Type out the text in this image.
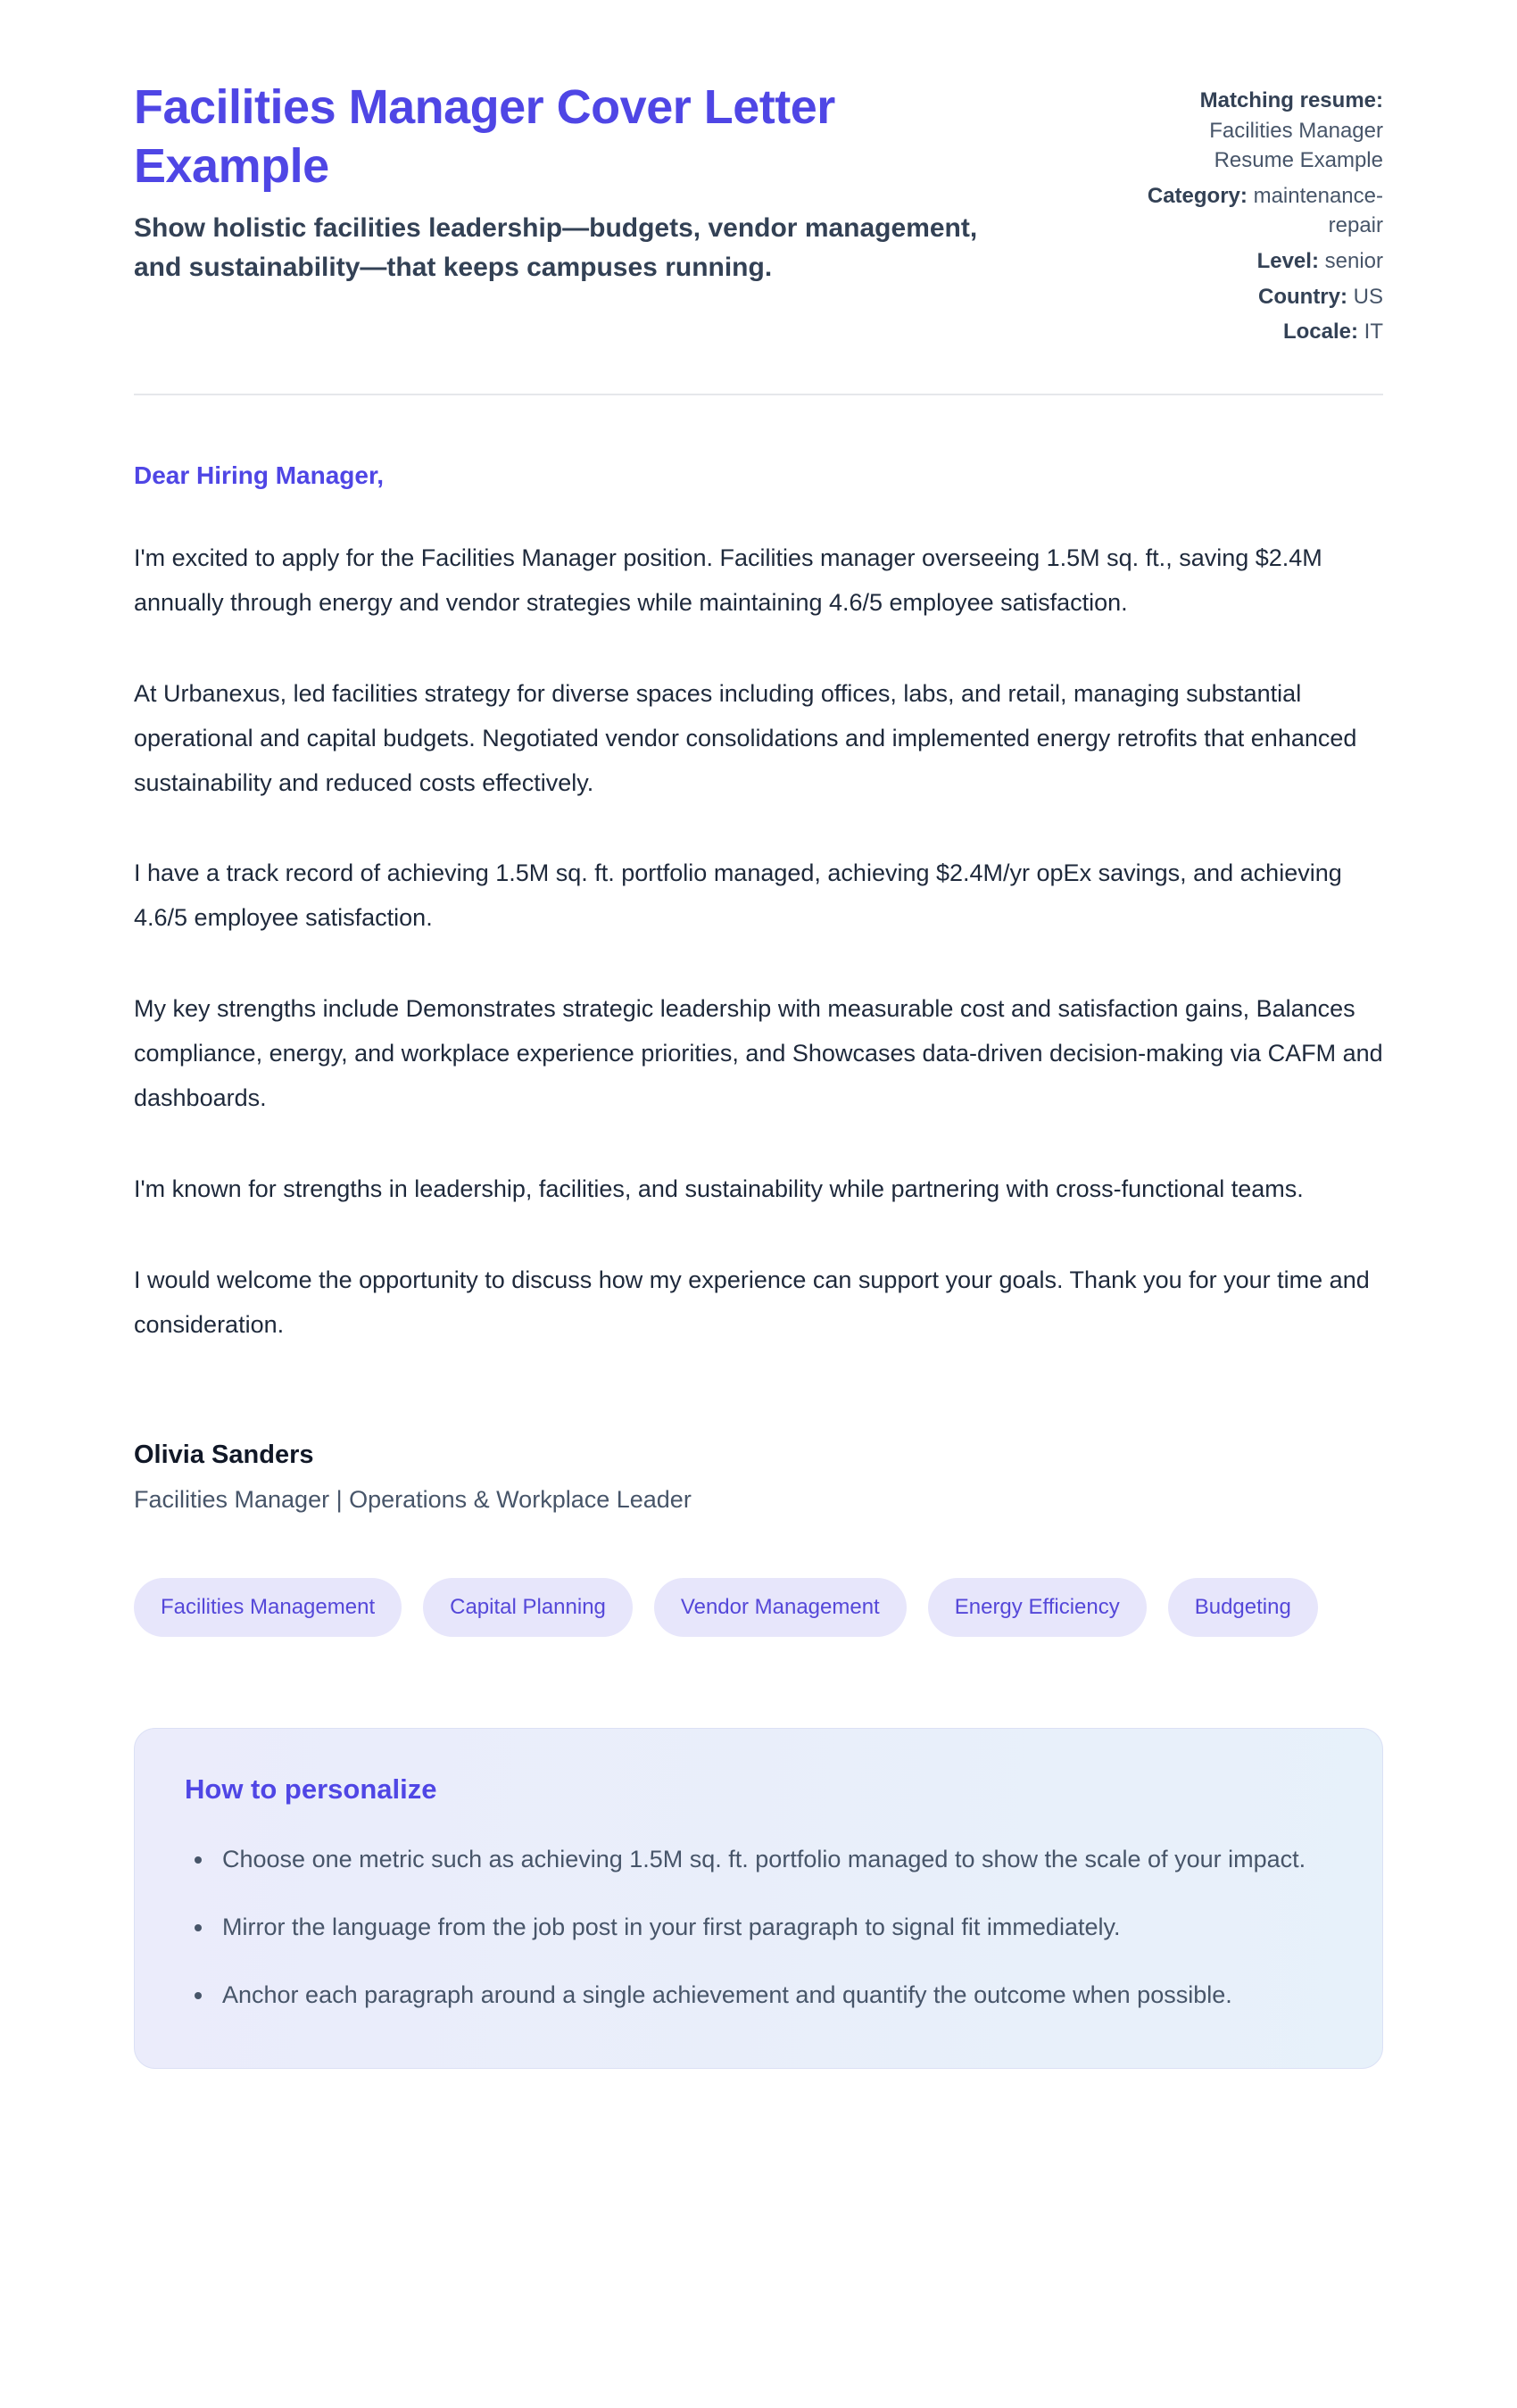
Facilities Manager Cover Letter Example

Show holistic facilities leadership—budgets, vendor management, and sustainability—that keeps campuses running.

Matching resume: Facilities Manager Resume Example
Category: maintenance-repair
Level: senior
Country: US
Locale: IT

Dear Hiring Manager,

I'm excited to apply for the Facilities Manager position. Facilities manager overseeing 1.5M sq. ft., saving $2.4M annually through energy and vendor strategies while maintaining 4.6/5 employee satisfaction.

At Urbanexus, led facilities strategy for diverse spaces including offices, labs, and retail, managing substantial operational and capital budgets. Negotiated vendor consolidations and implemented energy retrofits that enhanced sustainability and reduced costs effectively.

I have a track record of achieving 1.5M sq. ft. portfolio managed, achieving $2.4M/yr opEx savings, and achieving 4.6/5 employee satisfaction.

My key strengths include Demonstrates strategic leadership with measurable cost and satisfaction gains, Balances compliance, energy, and workplace experience priorities, and Showcases data-driven decision-making via CAFM and dashboards.

I'm known for strengths in leadership, facilities, and sustainability while partnering with cross-functional teams.

I would welcome the opportunity to discuss how my experience can support your goals. Thank you for your time and consideration.

Olivia Sanders

Facilities Manager | Operations & Workplace Leader

Facilities Management	Capital Planning	Vendor Management	Energy Efficiency	Budgeting
How to personalize
• Choose one metric such as achieving 1.5M sq. ft. portfolio managed to show the scale of your impact.
• Mirror the language from the job post in your first paragraph to signal fit immediately.
• Anchor each paragraph around a single achievement and quantify the outcome when possible.
